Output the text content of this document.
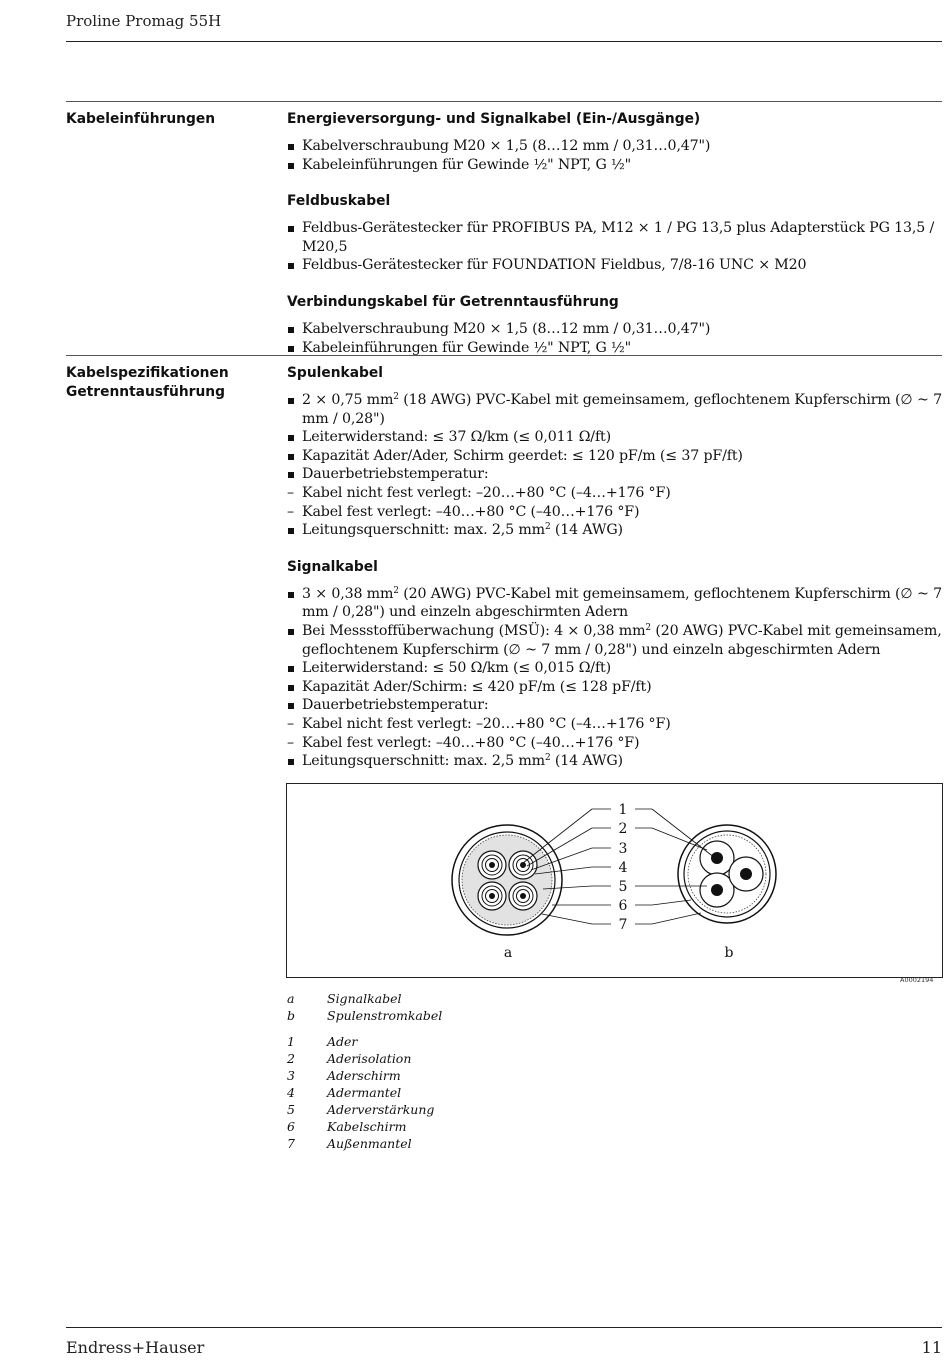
Proline Promag 55H
Kabeleinführungen	Energieversorgung- und Signalkabel (Ein-/Ausgänge)
Kabelverschraubung M20 × 1,5 (8…12 mm / 0,31…0,47")
Kabeleinführungen für Gewinde ½" NPT, G ½"
Feldbuskabel
Feldbus-Gerätestecker für PROFIBUS PA, M12 × 1 / PG 13,5 plus Adapterstück PG 13,5 / M20,5
Feldbus-Gerätestecker für FOUNDATION Fieldbus, 7/8-16 UNC × M20
Verbindungskabel für Getrenntausführung
Kabelverschraubung M20 × 1,5 (8…12 mm / 0,31…0,47")
Kabeleinführungen für Gewinde ½" NPT, G ½"
Kabelspezifikationen
Getrenntausführung
Spulenkabel
2 × 0,75 $mm^2$ (18 AWG) PVC-Kabel mit gemeinsamem, geflochtenem Kupferschirm (∅ ~ 7 mm / 0,28")
Leiterwiderstand: ≤ 37 Ω/km (≤ 0,011 Ω/ft)
Kapazität Ader/Ader, Schirm geerdet: ≤ 120 pF/m (≤ 37 pF/ft)
Dauerbetriebstemperatur:
– Kabel nicht fest verlegt: –20…+80 °C (–4…+176 °F)
– Kabel fest verlegt: –40…+80 °C (–40…+176 °F)
Leitungsquerschnitt: max. 2,5 $mm^2$ (14 AWG)
Signalkabel
3 × 0,38 $mm^2$ (20 AWG) PVC-Kabel mit gemeinsamem, geflochtenem Kupferschirm (∅ ~ 7 mm / 0,28") und einzeln abgeschirmten Adern
Bei Messstoffüberwachung (MSÜ): 4 × 0,38 $mm^2$ (20 AWG) PVC-Kabel mit gemeinsamem, geflochtenem Kupferschirm (∅ ~ 7 mm / 0,28") und einzeln abgeschirmten Adern
Leiterwiderstand: ≤ 50 Ω/km (≤ 0,015 Ω/ft)
Kapazität Ader/Schirm: ≤ 420 pF/m (≤ 128 pF/ft)
Dauerbetriebstemperatur:
– Kabel nicht fest verlegt: –20…+80 °C (–4…+176 °F)
– Kabel fest verlegt: –40…+80 °C (–40…+176 °F)
Leitungsquerschnitt: max. 2,5 $mm^2$ (14 AWG)
1
2
3
4
5
6
7
a	b
A0002194
a	Signalkabel
b	Spulenstromkabel
1	Ader
2	Aderisolation
3	Aderschirm
4	Adermantel
5	Aderverstärkung
6	Kabelschirm
7	Außenmantel
Endress+Hauser	11
